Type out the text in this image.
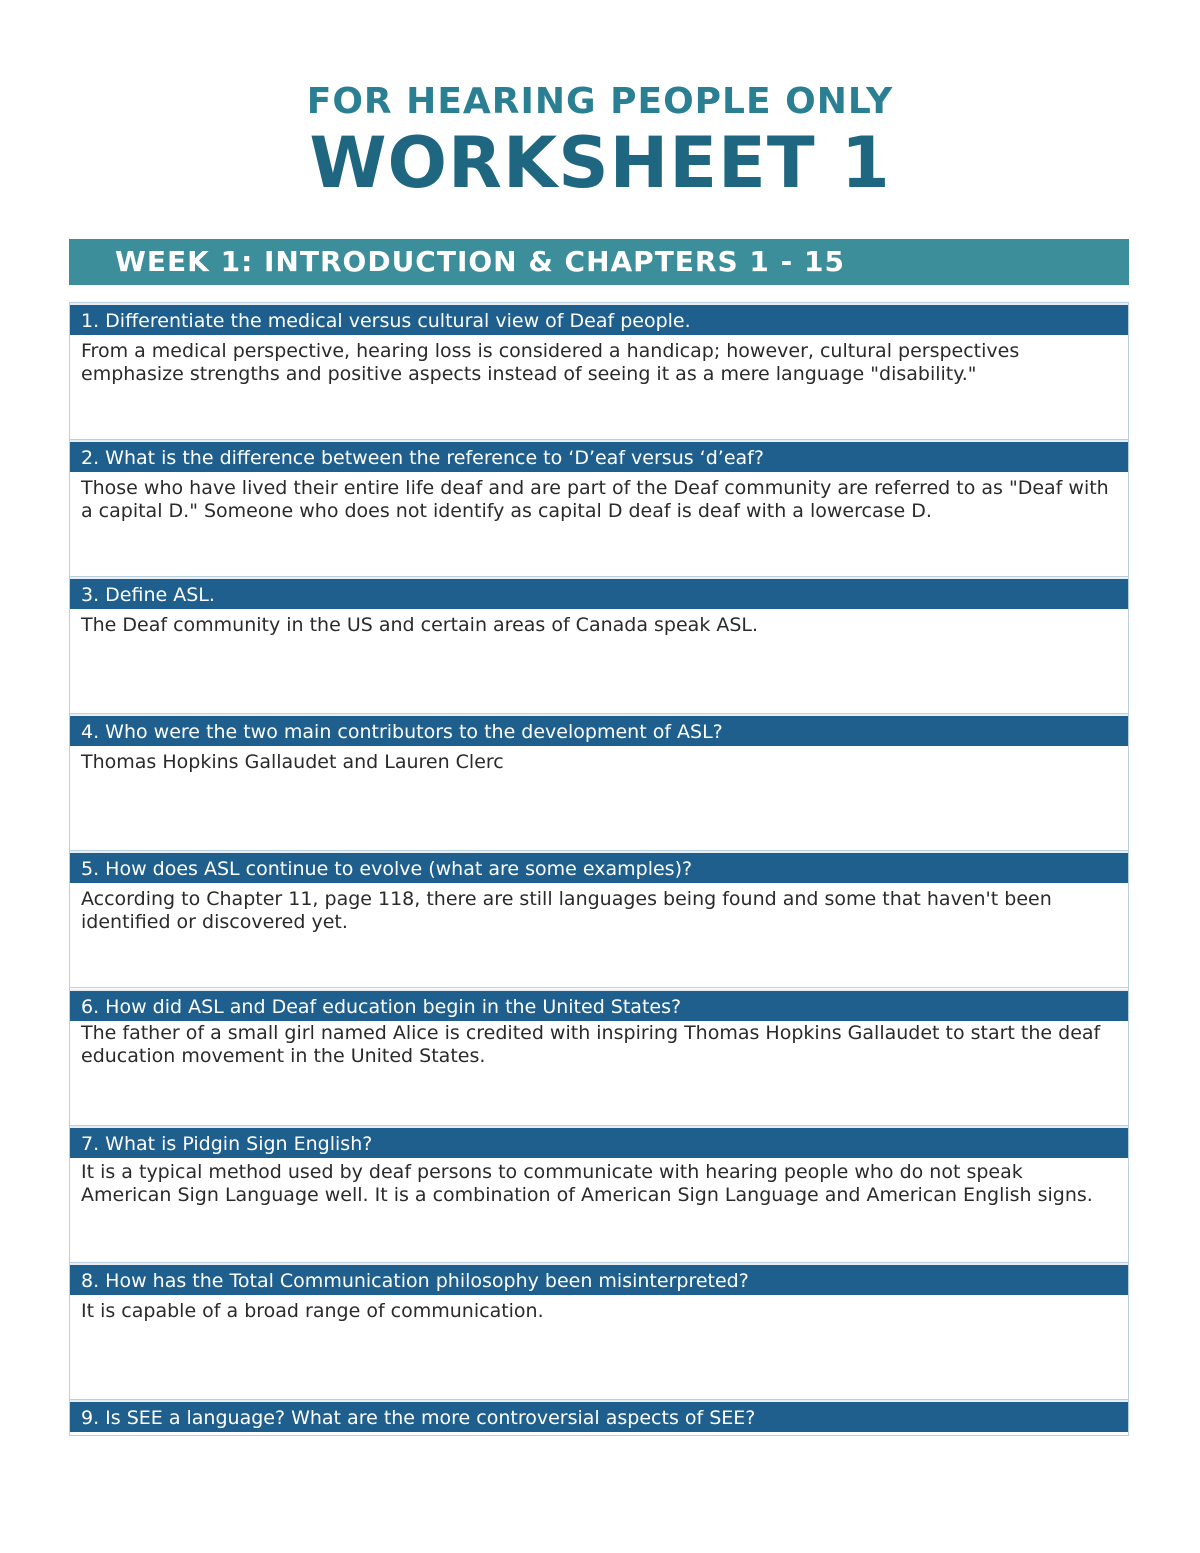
FOR HEARING PEOPLE ONLY
WORKSHEET 1
WEEK 1: INTRODUCTION & CHAPTERS 1 - 15
1. Differentiate the medical versus cultural view of Deaf people.
From a medical perspective, hearing loss is considered a handicap; however, cultural perspectives emphasize strengths and positive aspects instead of seeing it as a mere language "disability."
2. What is the difference between the reference to ‘D’eaf versus ‘d’eaf?
Those who have lived their entire life deaf and are part of the Deaf community are referred to as "Deaf with a capital D." Someone who does not identify as capital D deaf is deaf with a lowercase D.
3. Define ASL.
The Deaf community in the US and certain areas of Canada speak ASL.
4. Who were the two main contributors to the development of ASL?
Thomas Hopkins Gallaudet and Lauren Clerc
5. How does ASL continue to evolve (what are some examples)?
According to Chapter 11, page 118, there are still languages being found and some that haven't been identified or discovered yet.
6. How did ASL and Deaf education begin in the United States?
The father of a small girl named Alice is credited with inspiring Thomas Hopkins Gallaudet to start the deaf education movement in the United States.
7. What is Pidgin Sign English?
It is a typical method used by deaf persons to communicate with hearing people who do not speak American Sign Language well. It is a combination of American Sign Language and American English signs.
8. How has the Total Communication philosophy been misinterpreted?
It is capable of a broad range of communication.
9. Is SEE a language? What are the more controversial aspects of SEE?
